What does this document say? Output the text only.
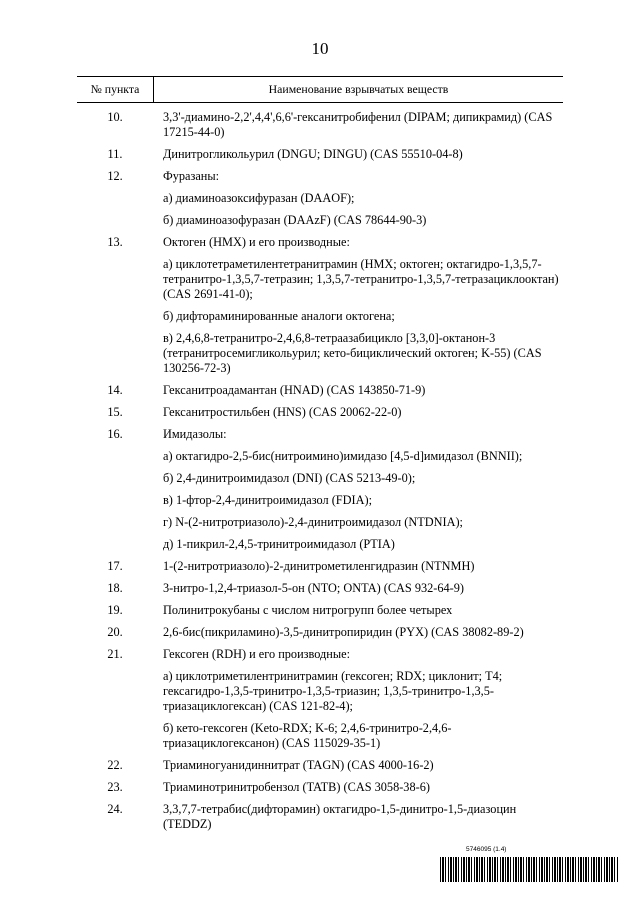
10
№ пункта	Наименование взрывчатых веществ
10.	3,3'-диамино-2,2',4,4',6,6'-гексанитробифенил (DIPAM; дипикрамид) (CAS 17215-44-0)
11.	Динитрогликольурил (DNGU; DINGU) (CAS 55510-04-8)
12.	Фуразаны:
а) диаминоазоксифуразан (DAAOF);
б) диаминоазофуразан (DAAzF) (CAS 78644-90-3)
13.	Октоген (HMX) и его производные:
а) циклотетраметилентетранитрамин (HMX; октоген; октагидро-1,3,5,7-тетранитро-1,3,5,7-тетразин; 1,3,5,7-тетранитро-1,3,5,7-тетразациклооктан) (CAS 2691-41-0);
б) дифтораминированные аналоги октогена;
в) 2,4,6,8-тетранитро-2,4,6,8-тетраазабицикло [3,3,0]-октанон-3 (тетранитросемигликольурил; кето-бициклический октоген; K-55) (CAS 130256-72-3)
14.	Гексанитроадамантан (HNAD) (CAS 143850-71-9)
15.	Гексанитростильбен (HNS) (CAS 20062-22-0)
16.	Имидазолы:
а) октагидро-2,5-бис(нитроимино)имидазо [4,5-d]имидазол (BNNII);
б) 2,4-динитроимидазол (DNI) (CAS 5213-49-0);
в) 1-фтор-2,4-динитроимидазол (FDIA);
г) N-(2-нитротриазоло)-2,4-динитроимидазол (NTDNIA);
д) 1-пикрил-2,4,5-тринитроимидазол (PTIA)
17.	1-(2-нитротриазоло)-2-динитрометиленгидразин (NTNMH)
18.	3-нитро-1,2,4-триазол-5-он (NTO; ONTA) (CAS 932-64-9)
19.	Полинитрокубаны с числом нитрогрупп более четырех
20.	2,6-бис(пикриламино)-3,5-динитропиридин (PYX) (CAS 38082-89-2)
21.	Гексоген (RDH) и его производные:
а) циклотриметилентринитрамин (гексоген; RDX; циклонит; T4; гексагидро-1,3,5-тринитро-1,3,5-триазин; 1,3,5-тринитро-1,3,5-триазациклогексан) (CAS 121-82-4);
б) кето-гексоген (Keto-RDX; K-6; 2,4,6-тринитро-2,4,6-триазациклогексанон) (CAS 115029-35-1)
22.	Триаминогуанидиннитрат (TAGN) (CAS 4000-16-2)
23.	Триаминотринитробензол (TATB) (CAS 3058-38-6)
24.	3,3,7,7-тетрабис(дифторамин) октагидро-1,5-динитро-1,5-диазоцин (TEDDZ)
5746095 (1.4)
